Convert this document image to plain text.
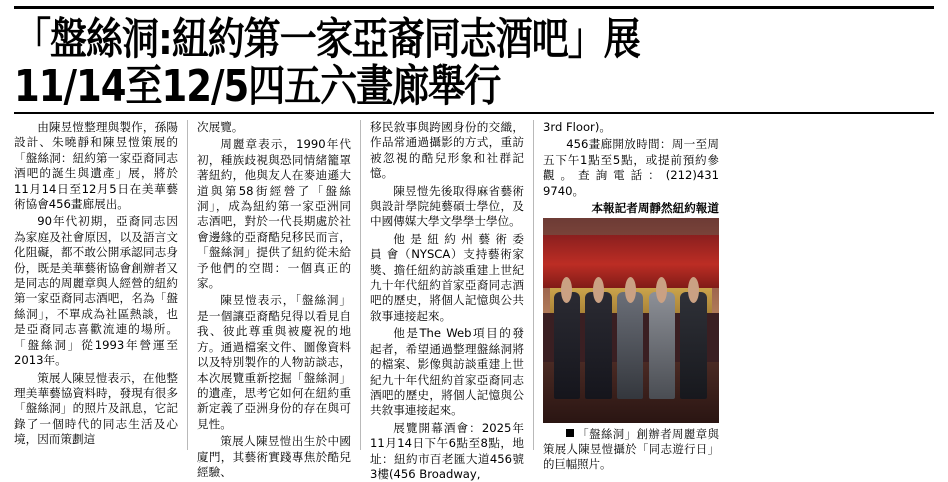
「盤絲洞:紐約第一家亞裔同志酒吧」展
11/14至12/5四五六畫廊舉行

由陳昱愷整理與製作，孫陽設計、朱曉靜和陳昱愷策展的「盤絲洞：紐約第一家亞裔同志酒吧的誕生與遺產」展，將於11月14日至12月5日在美華藝術協會456畫廊展出。

90年代初期，亞裔同志因為家庭及社會原因，以及語言文化阻礙，都不敢公開承認同志身份，既是美華藝術協會創辦者又是同志的周麗章與人經營的紐約第一家亞裔同志酒吧，名為「盤絲洞」，不單成為社區熱談，也是亞裔同志喜歡流連的場所。「盤絲洞」從1993年營運至2013年。

策展人陳昱愷表示，在他整理美華藝協資料時，發現有很多「盤絲洞」的照片及訊息，它記錄了一個時代的同志生活及心境，因而策劃這

次展覽。

周麗章表示，1990年代初，種族歧視與恐同情緒籠罩著紐約，他與友人在麥迪遜大道與第58街經營了「盤絲洞」，成為紐約第一家亞洲同志酒吧，對於一代長期處於社會邊緣的亞裔酷兒移民而言，「盤絲洞」提供了紐約從未給予他們的空間：一個真正的家。

陳昱愷表示，「盤絲洞」是一個讓亞裔酷兒得以看見自我、彼此尊重與被慶祝的地方。通過檔案文件、圖像資料以及特別製作的人物訪談志，本次展覽重新挖掘「盤絲洞」的遺產，思考它如何在紐約重新定義了亞洲身份的存在與可見性。

策展人陳昱愷出生於中國廈門，其藝術實踐專焦於酷兒經驗、

移民敘事與跨國身份的交織，作品常通過攝影的方式，重訪被忽視的酷兒形象和社群記憶。

陳昱愷先後取得麻省藝術與設計學院純藝碩士學位，及中國傳媒大學文學學士學位。

他 是 紐 約 州 藝 術 委 員 會（NYSCA）支持藝術家獎、擔任紐約訪談重建上世紀九十年代紐約首家亞裔同志酒吧的歷史，將個人記憶與公共敘事連接起來。

他是The Web項目的發起者，希望通過整理盤絲洞將的檔案、影像與訪談重建上世紀九十年代紐約首家亞裔同志酒吧的歷史，將個人記憶與公共敘事連接起來。

展覽開幕酒會：2025年11月14日下午6點至8點，地址：紐約市百老匯大道456號3樓(456 Broadway,

3rd Floor)。

456畫廊開放時間：周一至周五下午1點至5點，或提前預約參觀。查詢電話：(212)431 9740。

本報記者周靜然紐約報道

「盤絲洞」創辦者周麗章與策展人陳昱愷攝於「同志遊行日」的巨幅照片。
